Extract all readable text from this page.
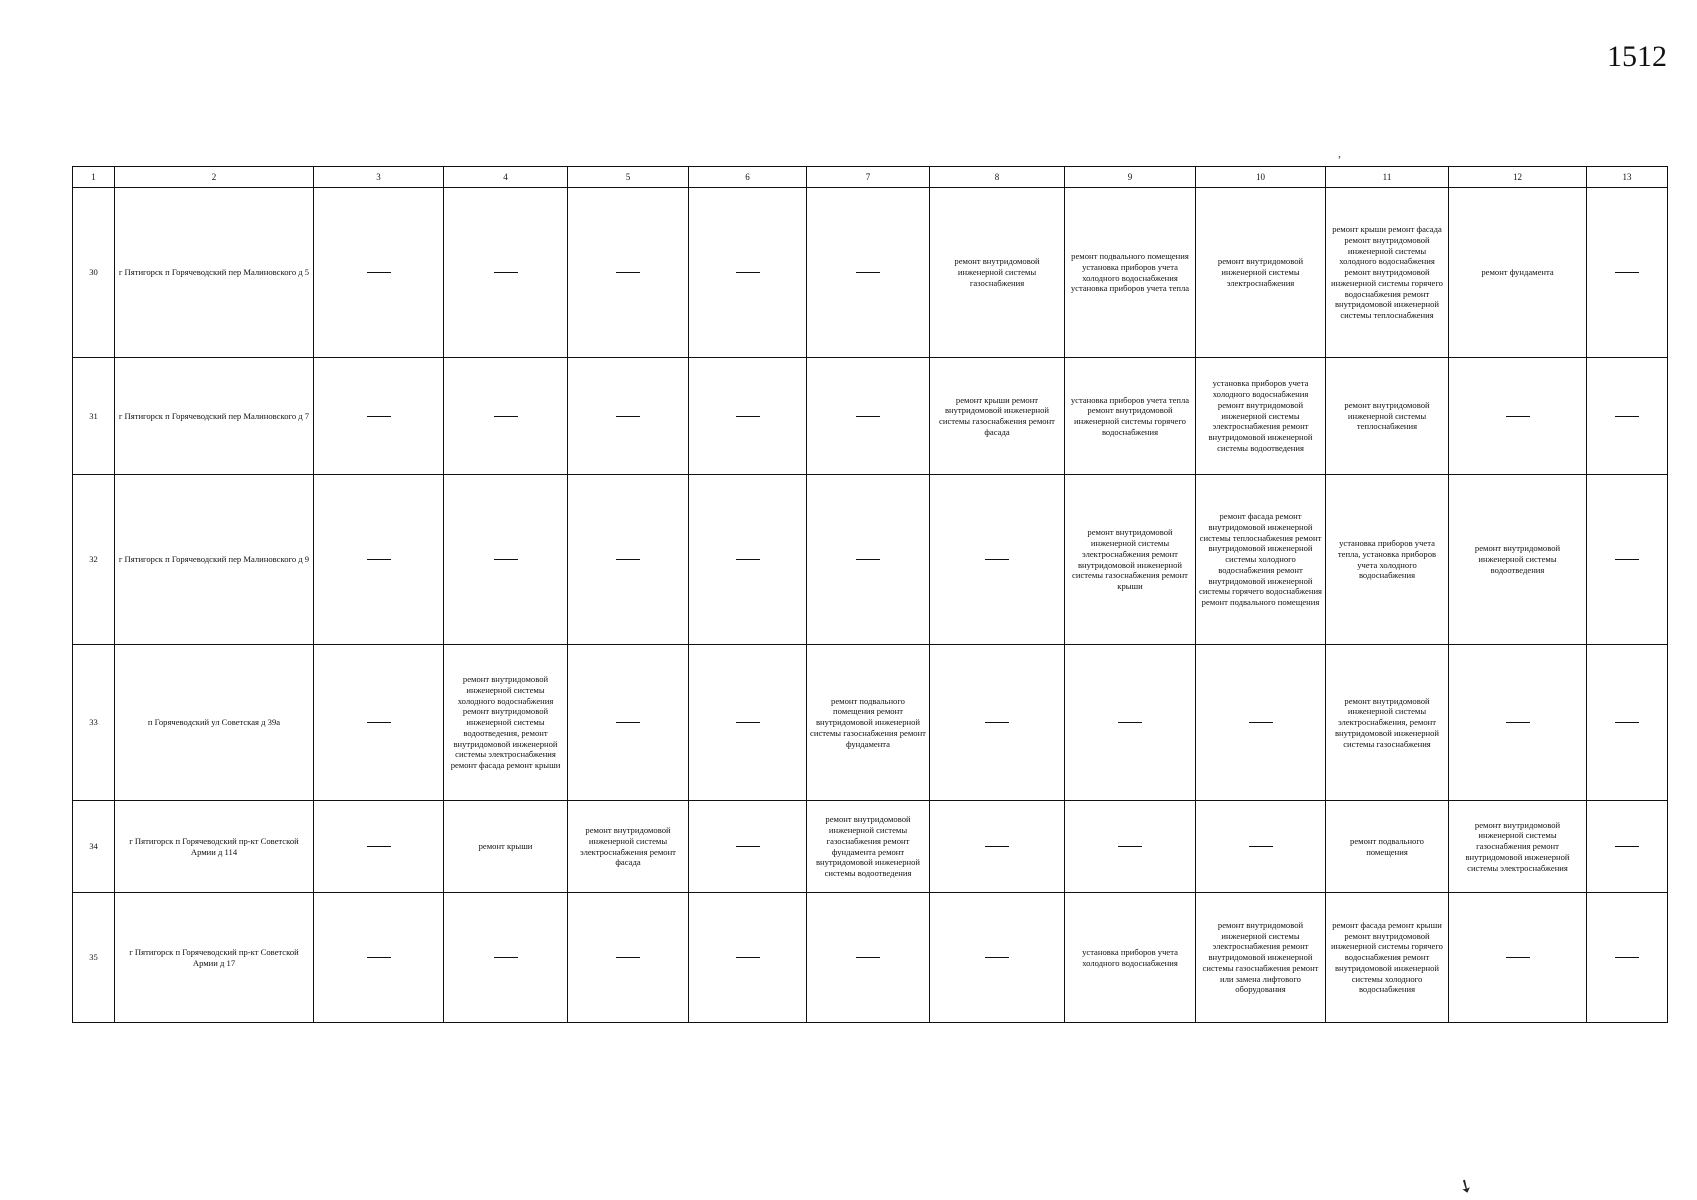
1512
,
➘
1	2	3	4	5	6	7	8	9	10	11	12	13
30	г Пятигорск п Горячеводский пер Малиновского д 5						ремонт внутридомовой инженерной системы газоснабжения	ремонт подвального помещения установка приборов учета холодного водоснабжения установка приборов учета тепла	ремонт внутридомовой инженерной системы электроснабжения	ремонт крыши ремонт фасада ремонт внутридомовой инженерной системы холодного водоснабжения ремонт внутридомовой инженерной системы горячего водоснабжения ремонт внутридомовой инженерной системы теплоснабжения	ремонт фундамента	
31	г Пятигорск п Горячеводский пер Малиновского д 7						ремонт крыши ремонт внутридомовой инженерной системы газоснабжения ремонт фасада	установка приборов учета тепла ремонт внутридомовой инженерной системы горячего водоснабжения	установка приборов учета холодного водоснабжения ремонт внутридомовой инженерной системы электроснабжения ремонт внутридомовой инженерной системы водоотведения	ремонт внутридомовой инженерной системы теплоснабжения		
32	г Пятигорск п Горячеводский пер Малиновского д 9							ремонт внутридомовой инженерной системы электроснабжения ремонт внутридомовой инженерной системы газоснабжения ремонт крыши	ремонт фасада ремонт внутридомовой инженерной системы теплоснабжения ремонт внутридомовой инженерной системы холодного водоснабжения ремонт внутридомовой инженерной системы горячего водоснабжения ремонт подвального помещения	установка приборов учета тепла, установка приборов учета холодного водоснабжения	ремонт внутридомовой инженерной системы водоотведения	
33	п Горячеводский ул Советская д 39а		ремонт внутридомовой инженерной системы холодного водоснабжения ремонт внутридомовой инженерной системы водоотведения, ремонт внутридомовой инженерной системы электроснабжения ремонт фасада ремонт крыши			ремонт подвального помещения ремонт внутридомовой инженерной системы газоснабжения ремонт фундамента				ремонт внутридомовой инженерной системы электроснабжения, ремонт внутридомовой инженерной системы газоснабжения		
34	г Пятигорск п Горячеводский пр-кт Советской Армии д 114		ремонт крыши	ремонт внутридомовой инженерной системы электроснабжения ремонт фасада		ремонт внутридомовой инженерной системы газоснабжения ремонт фундамента ремонт внутридомовой инженерной системы водоотведения				ремонт подвального помещения	ремонт внутридомовой инженерной системы газоснабжения ремонт внутридомовой инженерной системы электроснабжения	
35	г Пятигорск п Горячеводский пр-кт Советской Армии д 17							установка приборов учета холодного водоснабжения	ремонт внутридомовой инженерной системы электроснабжения ремонт внутридомовой инженерной системы газоснабжения ремонт или замена лифтового оборудования	ремонт фасада ремонт крыши ремонт внутридомовой инженерной системы горячего водоснабжения ремонт внутридомовой инженерной системы холодного водоснабжения		
